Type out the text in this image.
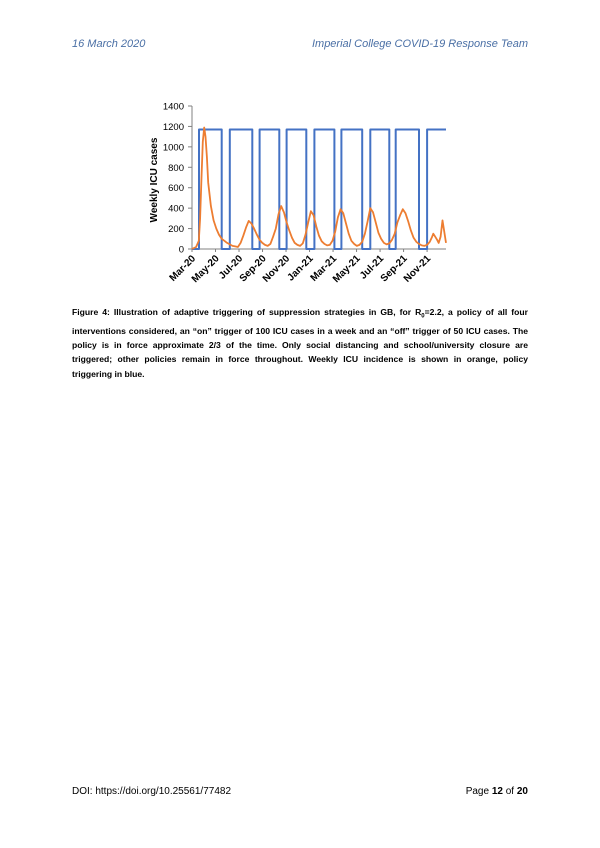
16 March 2020	Imperial College COVID-19 Response Team
0
200
400
600
800
1000
1200
1400
Mar-20
May-20
Jul-20
Sep-20
Nov-20
Jan-21
Mar-21
May-21
Jul-21
Sep-21
Nov-21
Weekly ICU cases
Figure 4: Illustration of adaptive triggering of suppression strategies in GB, for $R_0=2.2$, a policy of all four interventions considered, an “on” trigger of 100 ICU cases in a week and an “off” trigger of 50 ICU cases. The policy is in force approximate 2/3 of the time. Only social distancing and school/university closure are triggered; other policies remain in force throughout. Weekly ICU incidence is shown in orange, policy triggering in blue.
DOI: https://doi.org/10.25561/77482	Page 12 of 20
